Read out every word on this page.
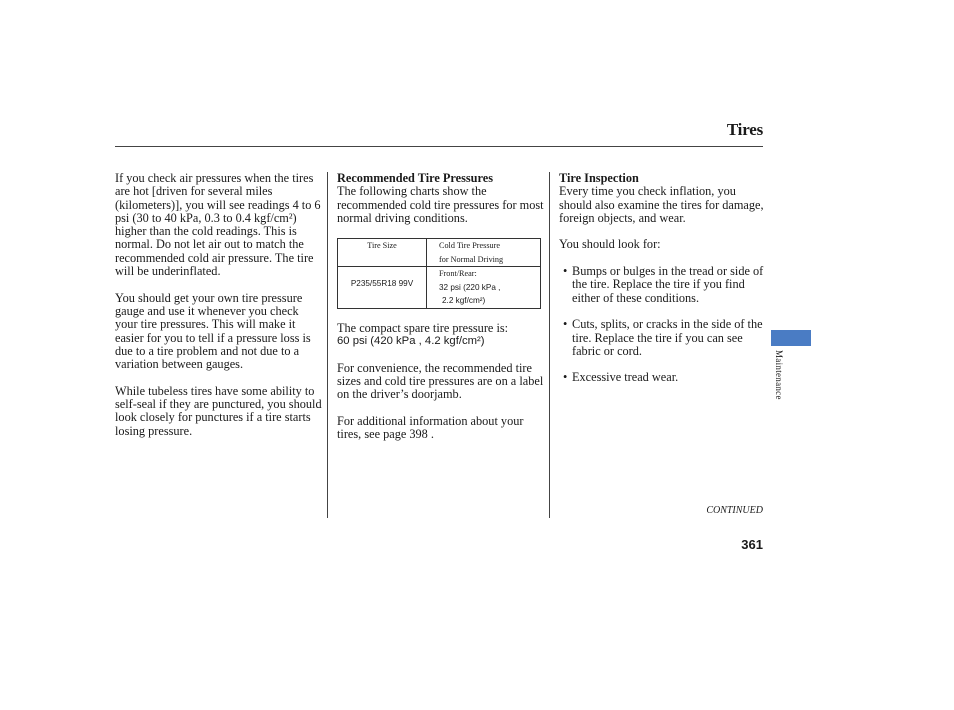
Tires

If you check air pressures when the tires are hot [driven for several miles (kilometers)], you will see readings 4 to 6 psi (30 to 40 kPa, 0.3 to 0.4 kgf/cm²) higher than the cold readings. This is normal. Do not let air out to match the recommended cold air pressure. The tire will be underinflated.

You should get your own tire pressure gauge and use it whenever you check your tire pressures. This will make it easier for you to tell if a pressure loss is due to a tire problem and not due to a variation between gauges.

While tubeless tires have some ability to self-seal if they are punctured, you should look closely for punctures if a tire starts losing pressure.

Recommended Tire Pressures

The following charts show the recommended cold tire pressures for most normal driving conditions.

Tire Size	Cold Tire Pressure
for Normal Driving

P235/55R18 99V	Front/Rear:
32 psi (220 kPa ,
2.2 kgf/cm²)
The compact spare tire pressure is:

60 psi (420 kPa , 4.2 kgf/cm²)

For convenience, the recommended tire sizes and cold tire pressures are on a label on the driver’s doorjamb.

For additional information about your tires, see page 398 .

Tire Inspection

Every time you check inflation, you should also examine the tires for damage, foreign objects, and wear.

You should look for:

• Bumps or bulges in the tread or side of the tire. Replace the tire if you find either of these conditions.
• Cuts, splits, or cracks in the side of the tire. Replace the tire if you can see fabric or cord.
• Excessive tread wear.	Maintenance
CONTINUED
361
